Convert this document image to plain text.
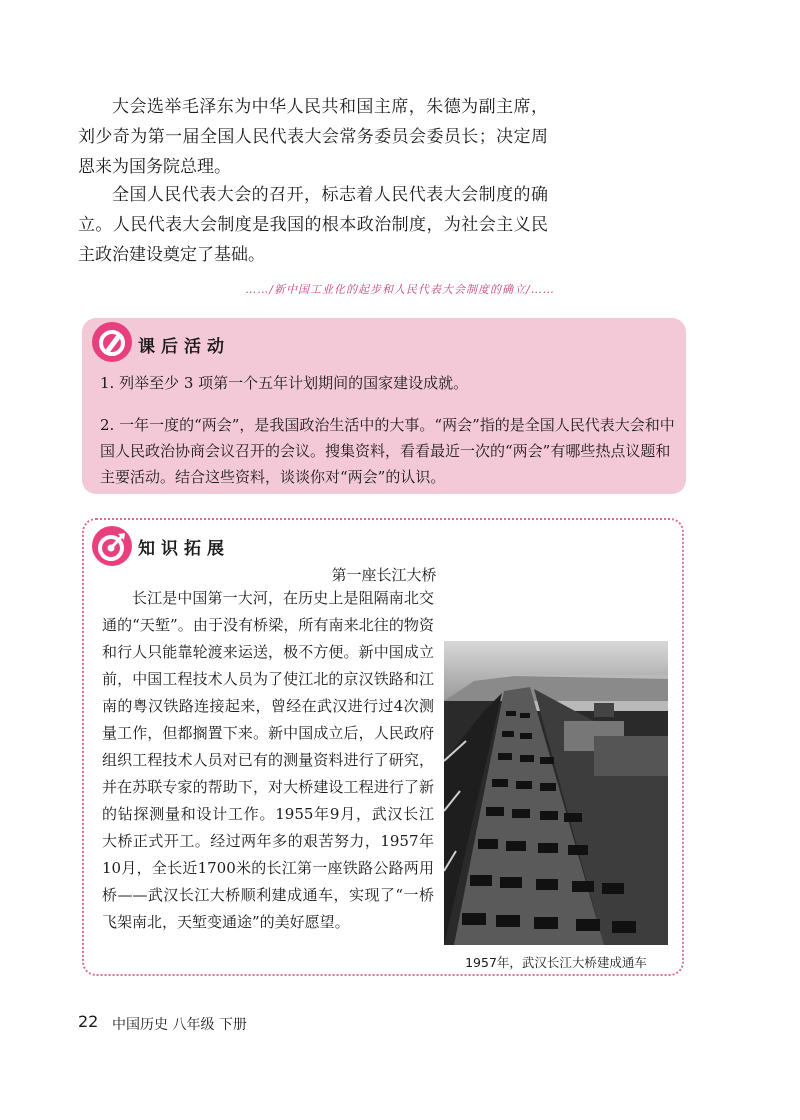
大会选举毛泽东为中华人民共和国主席，朱德为副主席，刘少奇为第一届全国人民代表大会常务委员会委员长；决定周恩来为国务院总理。

全国人民代表大会的召开，标志着人民代表大会制度的确立。人民代表大会制度是我国的根本政治制度，为社会主义民主政治建设奠定了基础。

……/新中国工业化的起步和人民代表大会制度的确立/……
课后活动

1. 列举至少 3 项第一个五年计划期间的国家建设成就。

2. 一年一度的“两会”，是我国政治生活中的大事。“两会”指的是全国人民代表大会和中国人民政治协商会议召开的会议。搜集资料，看看最近一次的“两会”有哪些热点议题和主要活动。结合这些资料，谈谈你对“两会”的认识。

知识拓展
第一座长江大桥
长江是中国第一大河，在历史上是阻隔南北交通的“天堑”。由于没有桥梁，所有南来北往的物资和行人只能靠轮渡来运送，极不方便。新中国成立前，中国工程技术人员为了使江北的京汉铁路和江南的粤汉铁路连接起来，曾经在武汉进行过4次测量工作，但都搁置下来。新中国成立后，人民政府组织工程技术人员对已有的测量资料进行了研究，并在苏联专家的帮助下，对大桥建设工程进行了新的钻探测量和设计工作。1955年9月，武汉长江大桥正式开工。经过两年多的艰苦努力，1957年10月，全长近1700米的长江第一座铁路公路两用桥——武汉长江大桥顺利建成通车，实现了“一桥飞架南北，天堑变通途”的美好愿望。
1957年，武汉长江大桥建成通车
22 中国历史 八年级 下册
